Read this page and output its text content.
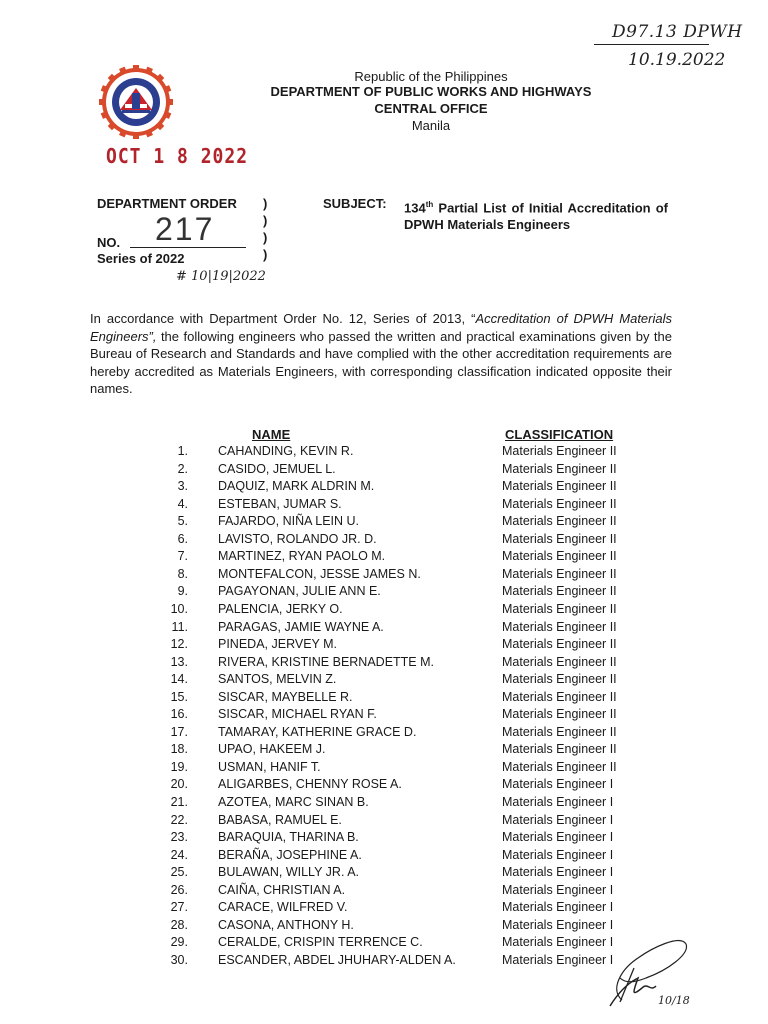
D97.13 DPWH
10.19.2022
Republic of the Philippines
DEPARTMENT OF PUBLIC WORKS AND HIGHWAYS
CENTRAL OFFICE
Manila
OCT 1 8 2022
DEPARTMENT ORDER
217
NO.
Series of 2022
# 10|19|2022
)
)
)
)
SUBJECT: 134th Partial List of Initial Accreditation of DPWH Materials Engineers
In accordance with Department Order No. 12, Series of 2013, “Accreditation of DPWH Materials Engineers”, the following engineers who passed the written and practical examinations given by the Bureau of Research and Standards and have complied with the other accreditation requirements are hereby accredited as Materials Engineers, with corresponding classification indicated opposite their names.
NAME	CLASSIFICATION
1. CAHANDING, KEVIN R.	Materials Engineer II
2. CASIDO, JEMUEL L.	Materials Engineer II
3. DAQUIZ, MARK ALDRIN M.	Materials Engineer II
4. ESTEBAN, JUMAR S.	Materials Engineer II
5. FAJARDO, NIÑA LEIN U.	Materials Engineer II
6. LAVISTO, ROLANDO JR. D.	Materials Engineer II
7. MARTINEZ, RYAN PAOLO M.	Materials Engineer II
8. MONTEFALCON, JESSE JAMES N.	Materials Engineer II
9. PAGAYONAN, JULIE ANN E.	Materials Engineer II
10. PALENCIA, JERKY O.	Materials Engineer II
11. PARAGAS, JAMIE WAYNE A.	Materials Engineer II
12. PINEDA, JERVEY M.	Materials Engineer II
13. RIVERA, KRISTINE BERNADETTE M.	Materials Engineer II
14. SANTOS, MELVIN Z.	Materials Engineer II
15. SISCAR, MAYBELLE R.	Materials Engineer II
16. SISCAR, MICHAEL RYAN F.	Materials Engineer II
17. TAMARAY, KATHERINE GRACE D.	Materials Engineer II
18. UPAO, HAKEEM J.	Materials Engineer II
19. USMAN, HANIF T.	Materials Engineer II
20. ALIGARBES, CHENNY ROSE A.	Materials Engineer I
21. AZOTEA, MARC SINAN B.	Materials Engineer I
22. BABASA, RAMUEL E.	Materials Engineer I
23. BARAQUIA, THARINA B.	Materials Engineer I
24. BERAÑA, JOSEPHINE A.	Materials Engineer I
25. BULAWAN, WILLY JR. A.	Materials Engineer I
26. CAIÑA, CHRISTIAN A.	Materials Engineer I
27. CARACE, WILFRED V.	Materials Engineer I
28. CASONA, ANTHONY H.	Materials Engineer I
29. CERALDE, CRISPIN TERRENCE C.	Materials Engineer I
30. ESCANDER, ABDEL JHUHARY-ALDEN A.	Materials Engineer I
10/18
